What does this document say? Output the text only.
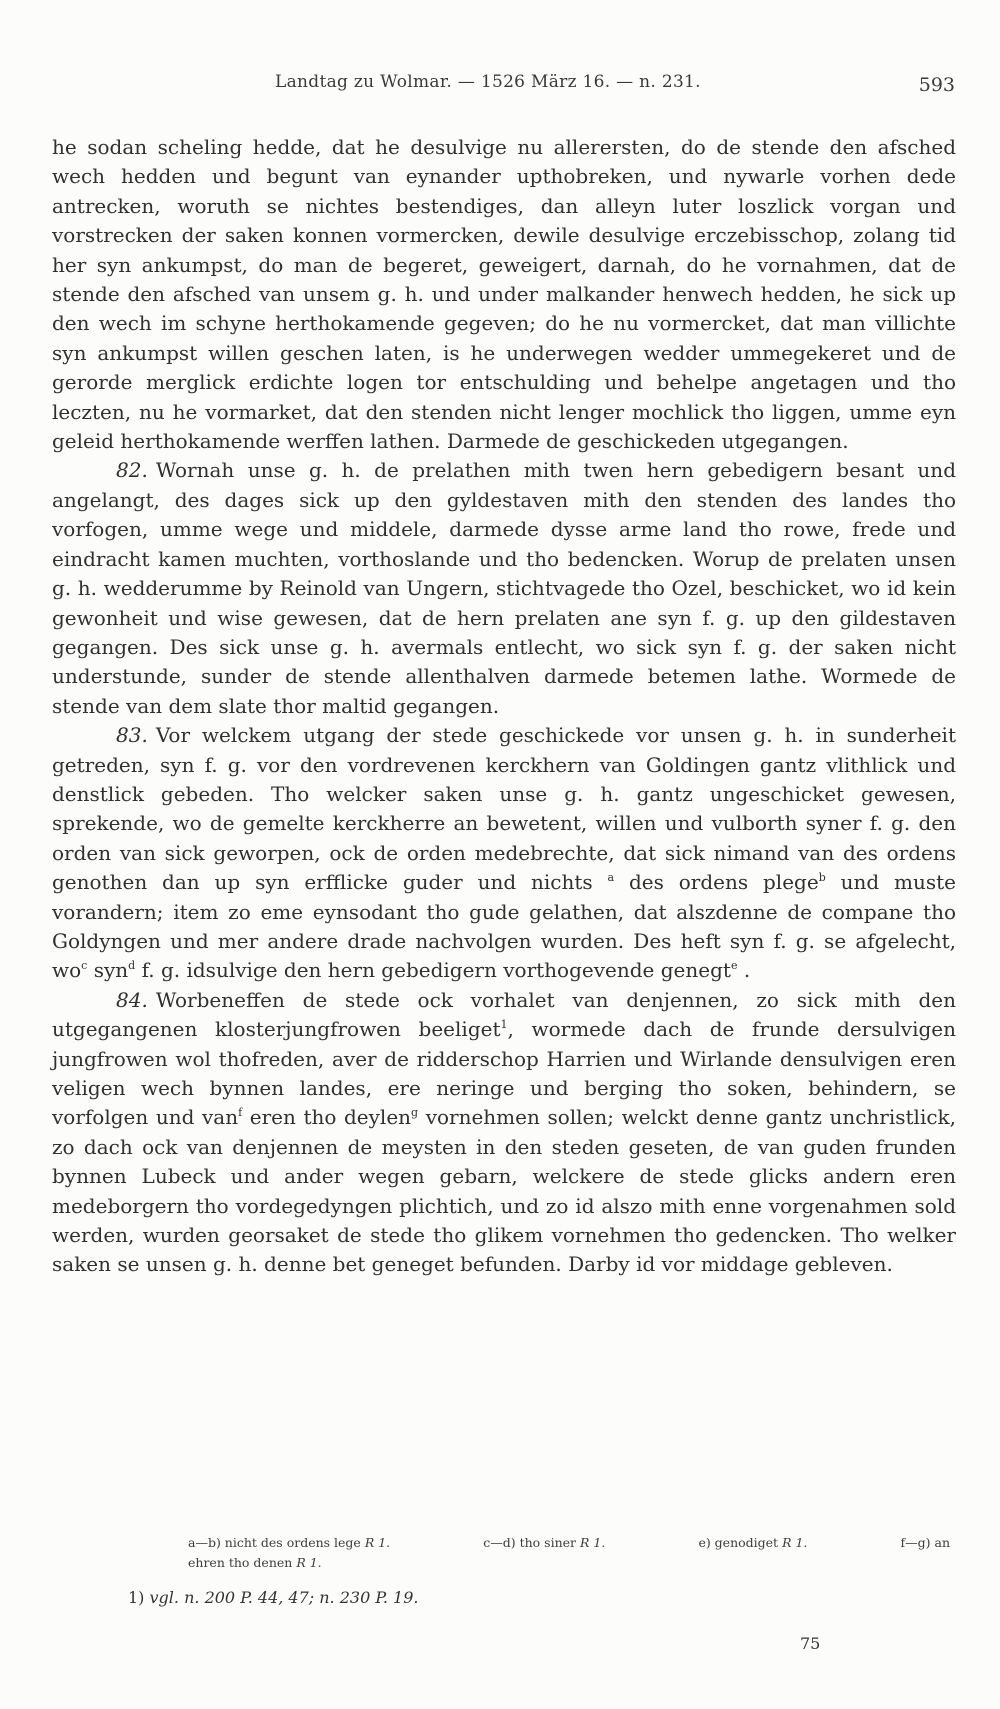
Landtag zu Wolmar. — 1526 März 16. — n. 231.	593

he sodan scheling hedde, dat he desulvige nu allerersten, do de stende den afsched wech hedden und begunt van eynander upthobreken, und nywarle vorhen dede antrecken, woruth se nichtes bestendiges, dan alleyn luter loszlick vorgan und vorstrecken der saken konnen vormercken, dewile desulvige erczebisschop, zolang tid her syn ankumpst, do man de begeret, geweigert, darnah, do he vornahmen, dat de stende den afsched van unsem g. h. und under malkander henwech hedden, he sick up den wech im schyne herthokamende gegeven; do he nu vormercket, dat man villichte syn ankumpst willen geschen laten, is he underwegen wedder ummegekeret und de gerorde merglick erdichte logen tor entschulding und behelpe angetagen und tho leczten, nu he vormarket, dat den stenden nicht lenger mochlick tho liggen, umme eyn geleid herthokamende werffen lathen. Darmede de geschickeden utgegangen.

82. Wornah unse g. h. de prelathen mith twen hern gebedigern besant und angelangt, des dages sick up den gyldestaven mith den stenden des landes tho vorfogen, umme wege und middele, darmede dysse arme land tho rowe, frede und eindracht kamen muchten, vorthoslande und tho bedencken. Worup de prelaten unsen g. h. wedderumme by Reinold van Ungern, stichtvagede tho Ozel, beschicket, wo id kein gewonheit und wise gewesen, dat de hern prelaten ane syn f. g. up den gildestaven gegangen. Des sick unse g. h. avermals entlecht, wo sick syn f. g. der saken nicht understunde, sunder de stende allenthalven darmede betemen lathe. Wormede de stende van dem slate thor maltid gegangen.

83. Vor welckem utgang der stede geschickede vor unsen g. h. in sunderheit getreden, syn f. g. vor den vordrevenen kerckhern van Goldingen gantz vlithlick und denstlick gebeden. Tho welcker saken unse g. h. gantz ungeschicket gewesen, sprekende, wo de gemelte kerckherre an bewetent, willen und vulborth syner f. g. den orden van sick geworpen, ock de orden medebrechte, dat sick nimand van des ordens genothen dan up syn erfflicke guder und nichts $^a$ des ordens plege$^b$ und muste vorandern; item zo eme eynsodant tho gude gelathen, dat alszdenne de compane tho Goldyngen und mer andere drade nachvolgen wurden. Des heft syn f. g. se afgelecht, $wo^c$ syn$^d$ f. g. idsulvige den hern gebedigern vorthogevende genegt$^e$ .

84. Worbeneffen de stede ock vorhalet van denjennen, zo sick mith den utgegangenen klosterjungfrowen beeliget$^1$, wormede dach de frunde dersulvigen jungfrowen wol thofreden, aver de ridderschop Harrien und Wirlande densulvigen eren veligen wech bynnen landes, ere neringe und berging tho soken, behindern, se vorfolgen und van$^f$ eren tho deylen$^g$ vornehmen sollen; welckt denne gantz unchristlick, zo dach ock van denjennen de meysten in den steden geseten, de van guden frunden bynnen Lubeck und ander wegen gebarn, welckere de stede glicks andern eren medeborgern tho vordegedyngen plichtich, und zo id alszo mith enne vorgenahmen sold werden, wurden georsaket de stede tho glikem vornehmen tho gedencken. Tho welker saken se unsen g. h. denne bet geneget befunden. Darby id vor middage gebleven.

a—b) nicht des ordens lege R 1.	c—d) tho siner R 1.	e) genodiget R 1.	f—g) an
ehren tho denen R 1.
1) vgl. n. 200 P. 44, 47; n. 230 P. 19.
75
